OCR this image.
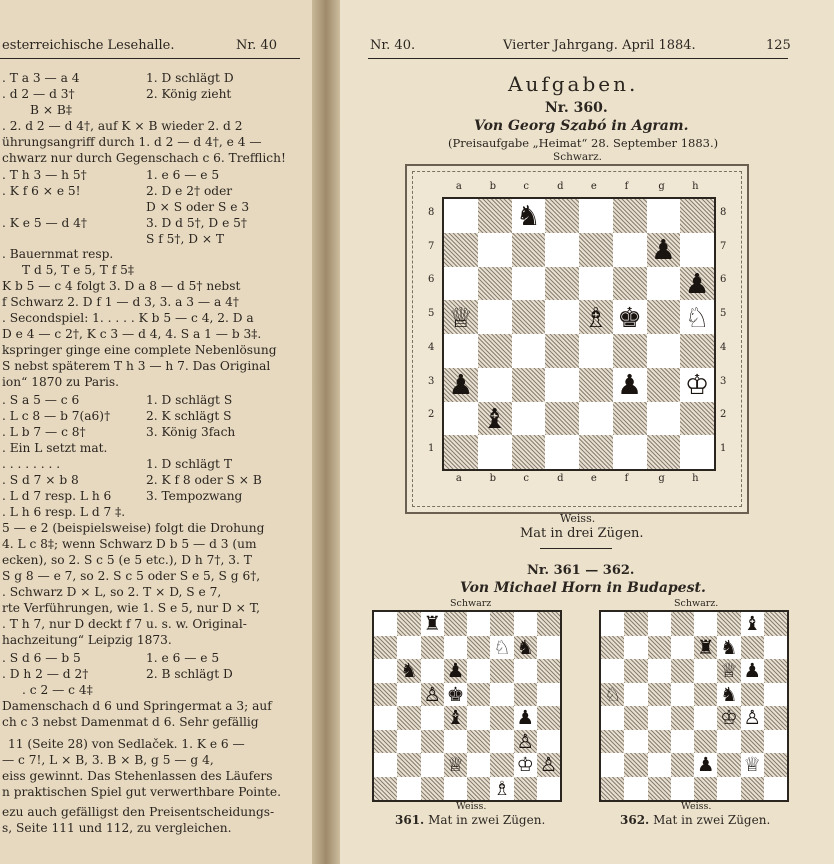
esterreichische Lesehalle.	Nr. 40
. T a 3 — a 4	1. D schlägt D
. d 2 — d 3†	2. König zieht
B × B‡
. 2. d 2 — d 4†, auf K × B wieder 2. d 2
ührungsangriff durch 1. d 2 — d 4†, e 4 —
chwarz nur durch Gegenschach c 6. Trefflich!
. T h 3 — h 5†	1. e 6 — e 5
. K f 6 × e 5!	2. D e 2† oder
D × S oder S e 3
. K e 5 — d 4†	3. D d 5†, D e 5†
S f 5†, D × T
. Bauernmat resp.
T d 5, T e 5, T f 5‡
K b 5 — c 4 folgt 3. D a 8 — d 5† nebst
f Schwarz 2. D f 1 — d 3, 3. a 3 — a 4†
. Secondspiel: 1. . . . . K b 5 — c 4, 2. D a
D e 4 — c 2†, K c 3 — d 4, 4. S a 1 — b 3‡.
kspringer ginge eine complete Nebenlösung
S nebst späterem T h 3 — h 7. Das Original
ion“ 1870 zu Paris.
. S a 5 — c 6	1. D schlägt S
. L c 8 — b 7(a6)†	2. K schlägt S
. L b 7 — c 8†	3. König 3fach
. Ein L setzt mat.
. . . . . . . .	1. D schlägt T
. S d 7 × b 8	2. K f 8 oder S × B
. L d 7 resp. L h 6	3. Tempozwang
. L h 6 resp. L d 7 ‡.
5 — e 2 (beispielsweise) folgt die Drohung
4. L c 8‡; wenn Schwarz D b 5 — d 3 (um
ecken), so 2. S c 5 (e 5 etc.), D h 7†, 3. T
S g 8 — e 7, so 2. S c 5 oder S e 5, S g 6†,
. Schwarz D × L, so 2. T × D, S e 7,
rte Verführungen, wie 1. S e 5, nur D × T,
. T h 7, nur D deckt f 7 u. s. w. Original-
hachzeitung“ Leipzig 1873.
. S d 6 — b 5	1. e 6 — e 5
. D h 2 — d 2†	2. B schlägt D
. c 2 — c 4‡
Damenschach d 6 und Springermat a 3; auf
ch c 3 nebst Damenmat d 6. Sehr gefällig
11 (Seite 28) von Sedlaček. 1. K e 6 —
— c 7!, L × B, 3. B × B, g 5 — g 4,
eiss gewinnt. Das Stehenlassen des Läufers
n praktischen Spiel gut verwerthbare Pointe.
ezu auch gefälligst den Preisentscheidungs-
s, Seite 111 und 112, zu vergleichen.
Nr. 40.	Vierter Jahrgang. April 1884.	125
Aufgaben.
Nr. 360.
Von Georg Szabó in Agram.
(Preisaufgabe „Heimat“ 28. September 1883.)
Schwarz.
♞
♟
♟
♕	♗ ♚ ♘
♟	♟ ♔
♝
a
a
b
b
c
c
d
d
e
e
f
f
g
g
h
h
8	8
7	7
6	6
5	5
4	4
3	3
2	2
1	1
Weiss.
Mat in drei Zügen.
Nr. 361 — 362.
Von Michael Horn in Budapest.
Schwarz	Schwarz.
♜
♘ ♞
♞ ♟
♙ ♚
♝	♟
♙
♕	♔ ♙
♗
♝
♜ ♞
♕ ♟
♘	♞
♔ ♙
♟ ♕
Weiss.	Weiss.
361. Mat in zwei Zügen.	362. Mat in zwei Zügen.
